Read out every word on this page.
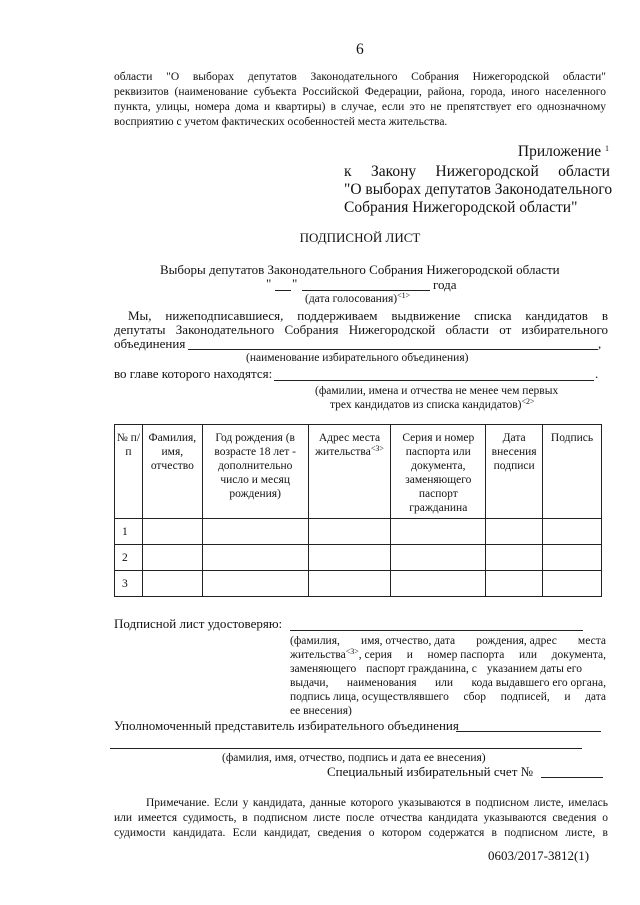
6
области "О выборах депутатов Законодательного Собрания Нижегородской области"
реквизитов (наименование субъекта Российской Федерации, района, города, иного населенного
пункта, улицы, номера дома и квартиры) в случае, если это не препятствует его однозначному
восприятию с учетом фактических особенностей места жительства.
Приложение $^1$
к Закону Нижегородской области
"О выборах депутатов Законодательного
Собрания Нижегородской области"
ПОДПИСНОЙ ЛИСТ
Выборы депутатов Законодательного Собрания Нижегородской области
" "	года
(дата голосования)$^{<1>}$
Мы, нижеподписавшиеся, поддерживаем выдвижение списка кандидатов в
депутаты Законодательного Собрания Нижегородской области от избирательного
объединения	,
(наименование избирательного объединения)
во главе которого находятся:	.
(фамилии, имена и отчества не менее чем первых
трех кандидатов из списка кандидатов)$^{<2>}$
№ п/п	Фамилия, имя, отчество	Год рождения (в возрасте 18 лет - дополнительно число и месяц рождения)	Адрес места жительства$^{<3>}$	Серия и номер паспорта или документа, заменяющего паспорт гражданина	Дата внесения подписи	Подпись
1						
2						
3						
Подписной лист удостоверяю:
(фамилия, имя, отчество, дата рождения, адрес места
жительства$^{<3>}$, серия и номер паспорта или документа,
заменяющего паспорт гражданина, с указанием даты его
выдачи, наименования или кода выдавшего его органа,
подпись лица, осуществлявшего сбор подписей, и дата
ее внесения)
Уполномоченный представитель избирательного объединения
(фамилия, имя, отчество, подпись и дата ее внесения)
Специальный избирательный счет №
Примечание. Если у кандидата, данные которого указываются в подписном листе, имелась
или имеется судимость, в подписном листе после отчества кандидата указываются сведения о
судимости кандидата. Если кандидат, сведения о котором содержатся в подписном листе, в
0603/2017-3812(1)
